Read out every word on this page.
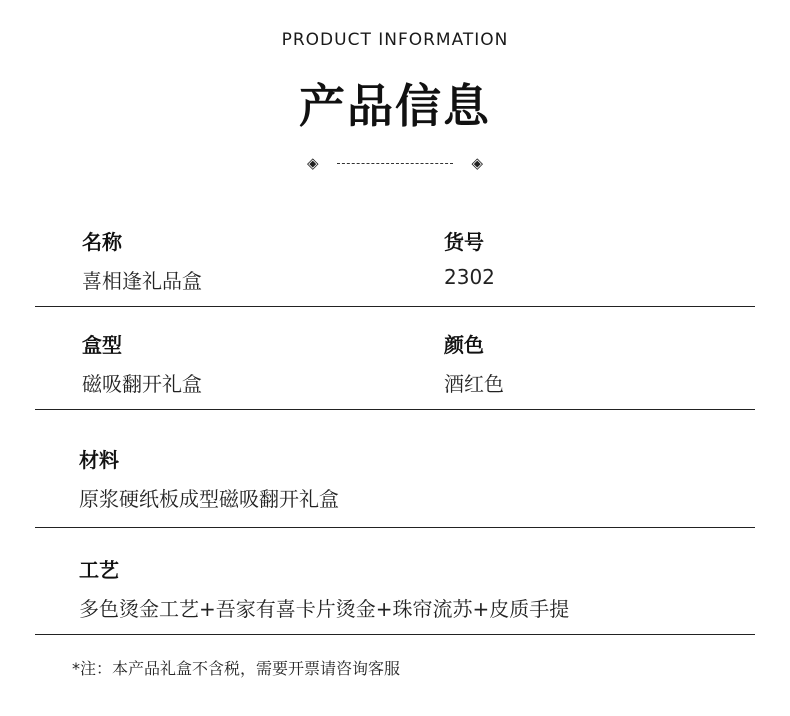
PRODUCT INFORMATION
产品信息
◈	◈
名称
喜相逢礼品盒
货号
2302
盒型
磁吸翻开礼盒
颜色
酒红色
材料
原浆硬纸板成型磁吸翻开礼盒
工艺
多色烫金工艺+吾家有喜卡片烫金+珠帘流苏+皮质手提
*注：本产品礼盒不含税，需要开票请咨询客服
